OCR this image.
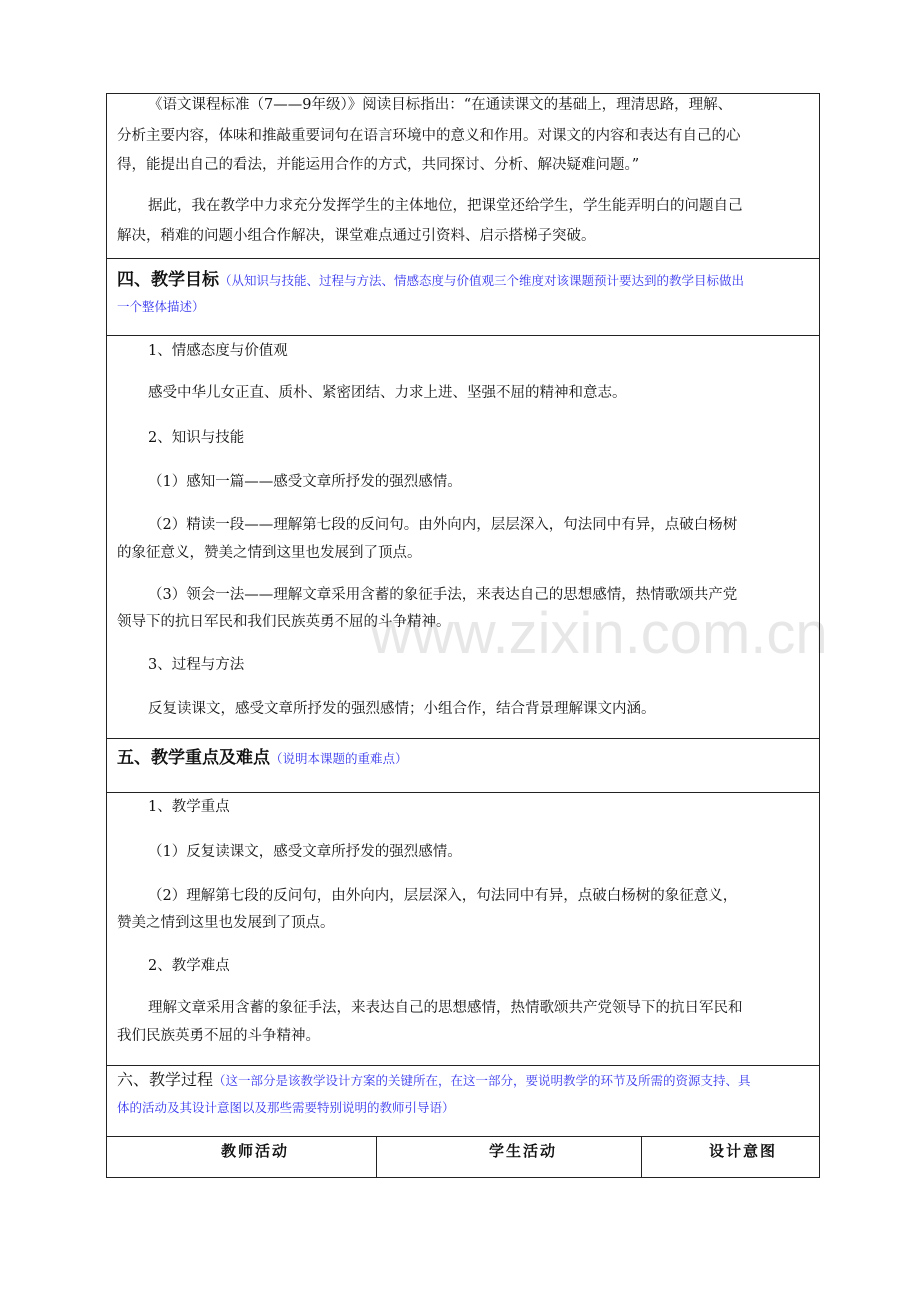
www.zixin.com.cn
《语文课程标准（7——9年级）》阅读目标指出：“在通读课文的基础上，理清思路，理解、
分析主要内容，体味和推敲重要词句在语言环境中的意义和作用。对课文的内容和表达有自己的心
得，能提出自己的看法，并能运用合作的方式，共同探讨、分析、解决疑难问题。”
据此，我在教学中力求充分发挥学生的主体地位，把课堂还给学生，学生能弄明白的问题自己
解决，稍难的问题小组合作解决，课堂难点通过引资料、启示搭梯子突破。
四、教学目标（从知识与技能、过程与方法、情感态度与价值观三个维度对该课题预计要达到的教学目标做出
一个整体描述）
1、情感态度与价值观
感受中华儿女正直、质朴、紧密团结、力求上进、坚强不屈的精神和意志。
2、知识与技能
（1）感知一篇——感受文章所抒发的强烈感情。
（2）精读一段——理解第七段的反问句。由外向内，层层深入，句法同中有异，点破白杨树
的象征意义，赞美之情到这里也发展到了顶点。
（3）领会一法——理解文章采用含蓄的象征手法，来表达自己的思想感情，热情歌颂共产党
领导下的抗日军民和我们民族英勇不屈的斗争精神。
3、过程与方法
反复读课文，感受文章所抒发的强烈感情；小组合作，结合背景理解课文内涵。
五、教学重点及难点（说明本课题的重难点）
1、教学重点
（1）反复读课文，感受文章所抒发的强烈感情。
（2）理解第七段的反问句，由外向内，层层深入，句法同中有异，点破白杨树的象征意义，
赞美之情到这里也发展到了顶点。
2、教学难点
理解文章采用含蓄的象征手法，来表达自己的思想感情，热情歌颂共产党领导下的抗日军民和
我们民族英勇不屈的斗争精神。
六、教学过程（这一部分是该教学设计方案的关键所在，在这一部分，要说明教学的环节及所需的资源支持、具
体的活动及其设计意图以及那些需要特别说明的教师引导语）
教师活动	学生活动	设计意图
